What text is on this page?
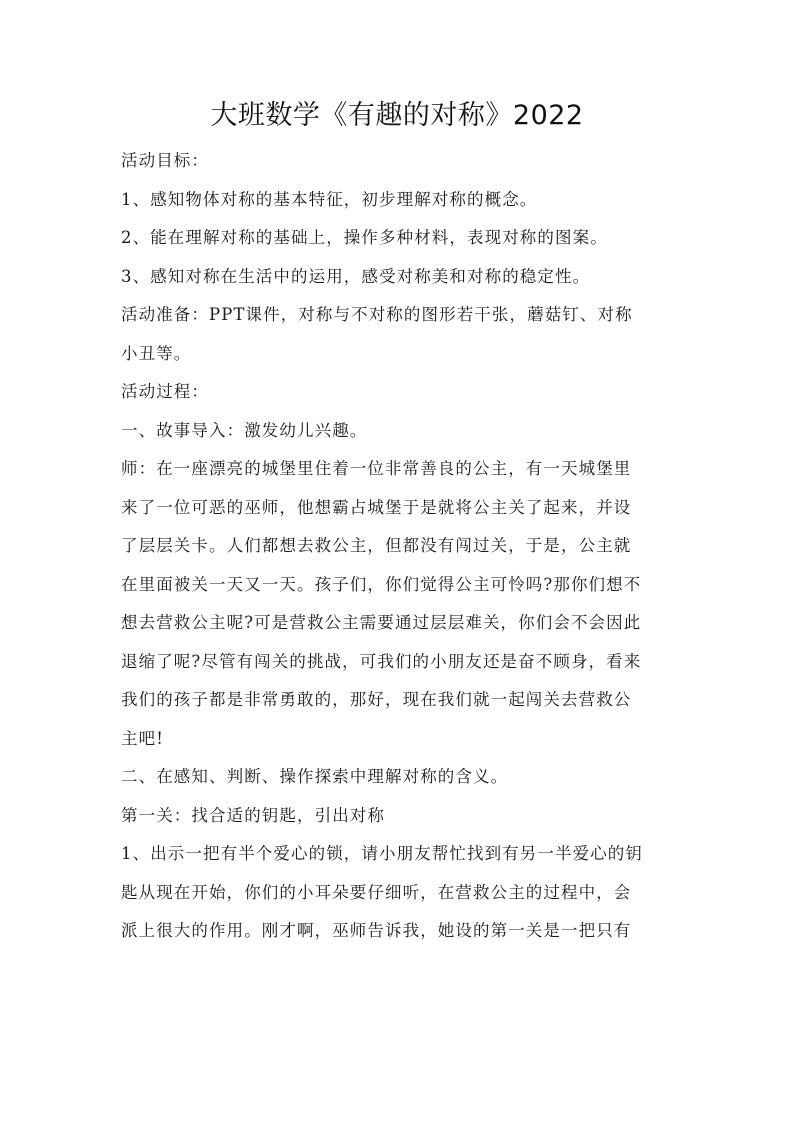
大班数学《有趣的对称》2022
活动目标：
1、感知物体对称的基本特征，初步理解对称的概念。
2、能在理解对称的基础上，操作多种材料，表现对称的图案。
3、感知对称在生活中的运用，感受对称美和对称的稳定性。
活动准备：PPT课件，对称与不对称的图形若干张，蘑菇钉、对称
小丑等。
活动过程：
一、故事导入：激发幼儿兴趣。
师：在一座漂亮的城堡里住着一位非常善良的公主，有一天城堡里
来了一位可恶的巫师，他想霸占城堡于是就将公主关了起来，并设
了层层关卡。人们都想去救公主，但都没有闯过关，于是，公主就
在里面被关一天又一天。孩子们，你们觉得公主可怜吗?那你们想不
想去营救公主呢?可是营救公主需要通过层层难关，你们会不会因此
退缩了呢?尽管有闯关的挑战，可我们的小朋友还是奋不顾身，看来
我们的孩子都是非常勇敢的，那好，现在我们就一起闯关去营救公
主吧!
二、在感知、判断、操作探索中理解对称的含义。
第一关：找合适的钥匙，引出对称
1、出示一把有半个爱心的锁，请小朋友帮忙找到有另一半爱心的钥
匙从现在开始，你们的小耳朵要仔细听，在营救公主的过程中，会
派上很大的作用。刚才啊，巫师告诉我，她设的第一关是一把只有
